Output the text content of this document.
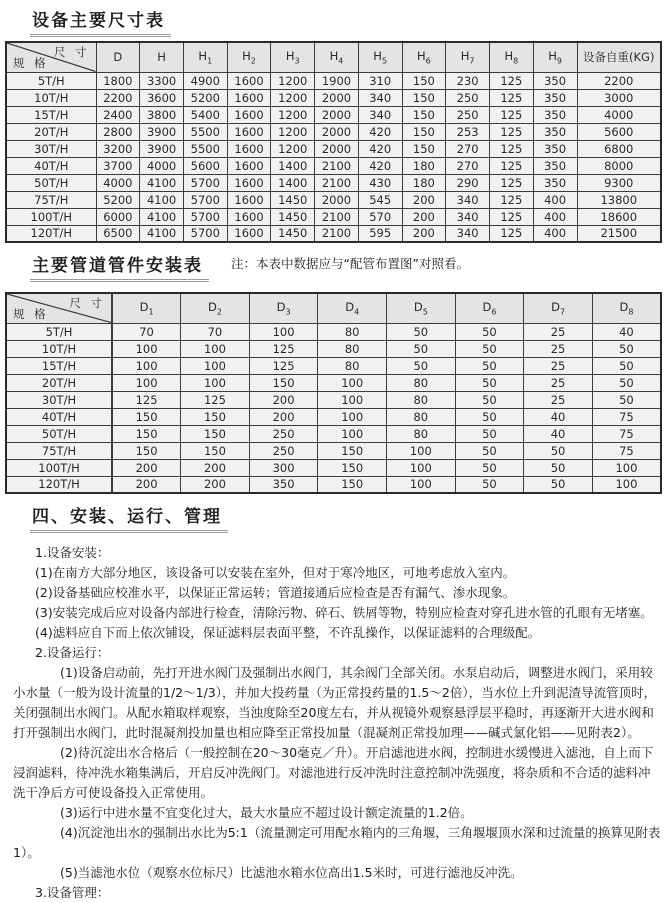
设备主要尺寸表
尺 寸
规 格	D	H	$H_1$	$H_2$	$H_3$	$H_4$	$H_5$	$H_6$	$H_7$	$H_8$	$H_9$	设备自重(KG)
5T/H	1800	3300	4900	1600	1200	1900	310	150	230	125	350	2200
10T/H	2200	3600	5200	1600	1200	2000	340	150	250	125	350	3000
15T/H	2400	3800	5400	1600	1200	2000	340	150	250	125	350	4000
20T/H	2800	3900	5500	1600	1200	2000	420	150	253	125	350	5600
30T/H	3200	3900	5500	1600	1200	2000	420	150	270	125	350	6800
40T/H	3700	4000	5600	1600	1400	2100	420	180	270	125	350	8000
50T/H	4000	4100	5700	1600	1400	2100	430	180	290	125	350	9300
75T/H	5200	4100	5700	1600	1450	2000	545	200	340	125	400	13800
100T/H	6000	4100	5700	1600	1450	2100	570	200	340	125	400	18600
120T/H	6500	4100	5700	1600	1450	2100	595	200	340	125	400	21500
主要管道管件安装表	注：本表中数据应与“配管布置图”对照看。
尺 寸
规 格	$D_1$	$D_2$	$D_3$	$D_4$	$D_5$	$D_6$	$D_7$	$D_8$
5T/H	70	70	100	80	50	50	25	40
10T/H	100	100	125	80	50	50	25	50
15T/H	100	100	125	80	50	50	25	50
20T/H	100	100	150	100	80	50	25	50
30T/H	125	125	200	100	80	50	25	50
40T/H	150	150	200	100	80	50	40	75
50T/H	150	150	250	100	80	50	40	75
75T/H	150	150	250	150	100	50	50	75
100T/H	200	200	300	150	100	50	50	100
120T/H	200	200	350	150	100	50	50	100
四、安装、运行、管理

1.设备安装：

(1)在南方大部分地区，该设备可以安装在室外，但对于寒冷地区，可地考虑放入室内。

(2)设备基础应校准水平，以保证正常运转；管道接通后应检查是否有漏气、渗水现象。

(3)安装完成后应对设备内部进行检查，清除污物、碎石、铁屑等物，特别应检查对穿孔进水管的孔眼有无堵塞。

(4)滤料应自下而上依次铺设，保证滤料层表面平整，不许乱操作，以保证滤料的合理级配。

2.设备运行：

(1)设备启动前，先打开进水阀门及强制出水阀门，其余阀门全部关闭。水泵启动后，调整进水阀门，采用较小水量（一般为设计流量的1/2～1/3），并加大投药量（为正常投药量的1.5～2倍），当水位上升到泥渣导流管顶时，关闭强制出水阀门。从配水箱取样观察，当浊度除至20度左右，并从视镜外观察悬浮层平稳时，再逐渐开大进水阀和打开强制出水阀门，此时混凝剂投加量也相应降至正常投加量（混凝剂正常投加理——碱式氯化铝——见附表2）。

(2)待沉淀出水合格后（一般控制在20～30毫克／升）。开启滤池进水阀，控制进水缓慢进入滤池，自上而下浸润滤料，待冲洗水箱集满后，开启反冲洗阀门。对滤池进行反冲洗时注意控制冲洗强度，将杂质和不合适的滤料冲洗干净后方可使设备投入正常使用。

(3)运行中进水量不宜变化过大，最大水量应不超过设计额定流量的1.2倍。

(4)沉淀池出水的强制出水比为5:1（流量测定可用配水箱内的三角堰，三角堰堰顶水深和过流量的换算见附表1）。

(5)当滤池水位（观察水位标尺）比滤池水箱水位高出1.5米时，可进行滤池反冲洗。

3.设备管理：
